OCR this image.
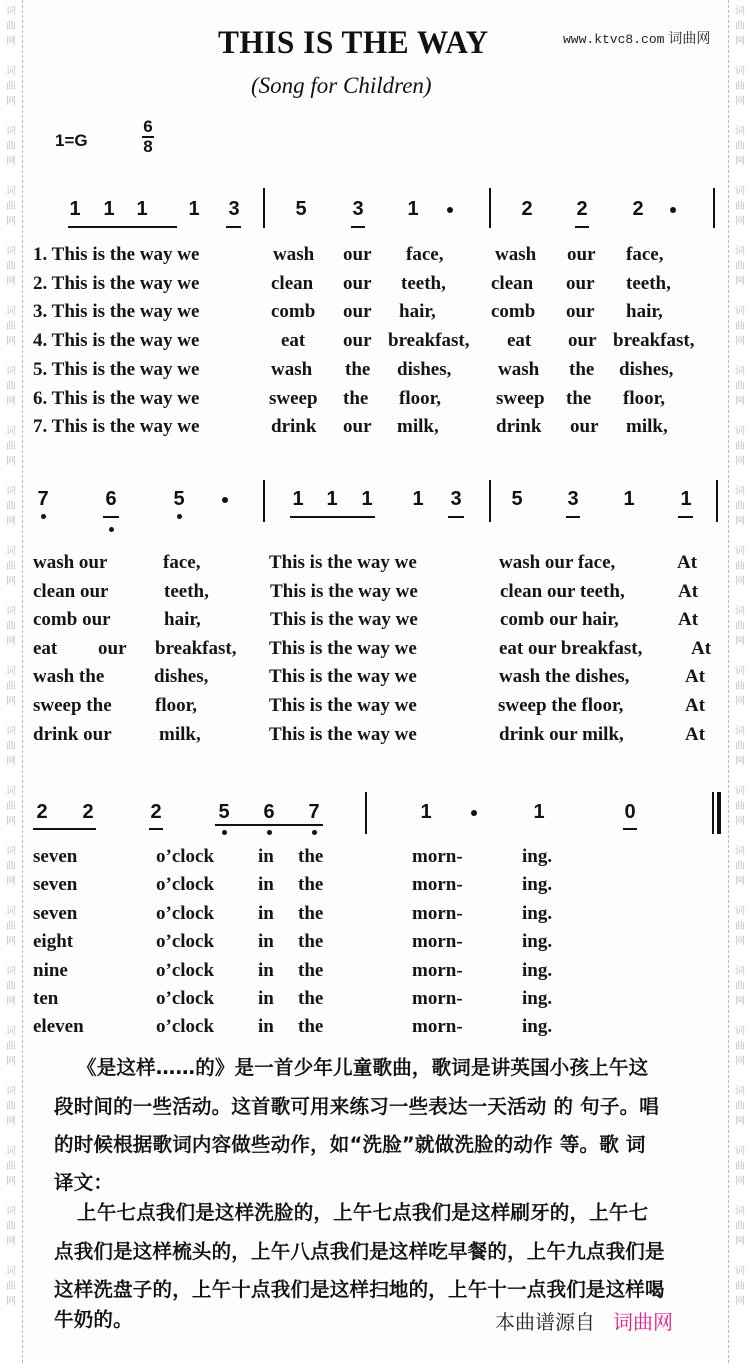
词
曲
网
词
曲
网
词
曲
网
词
曲
网
词
曲
网
词
曲
网
词
曲
网
词
曲
网
词
曲
网
词
曲
网
词
曲
网
词
曲
网
词
曲
网
词
曲
网
词
曲
网
词
曲
网
词
曲
网
词
曲
网
词
曲
网
词
曲
网
词
曲
网
词
曲
网
词
曲
网
词
曲
网
词
曲
网
词
曲
网
词
曲
网
词
曲
网
词
曲
网
词
曲
网
词
曲
网
词
曲
网
词
曲
网
词
曲
网
词
曲
网
词
曲
网
词
曲
网
词
曲
网
词
曲
网
词
曲
网
词
曲
网
词
曲
网
词
曲
网
词
曲
网
THIS IS THE WAY	www.ktvc8.com 词曲网
(Song for Children)
1=G
6
8
1 1 1 1 3	5 3 1	2 2 2
1. This is the way we	wash our face,	wash our face,
2. This is the way we	clean our teeth, clean our teeth,
3. This is the way we	comb our hair,	comb our hair,
4. This is the way we	eat our breakfast, eat our breakfast,
5. This is the way we	wash the dishes, wash the dishes,
6. This is the way we	sweep the floor,	sweep the floor,
7. This is the way we	drink our milk,	drink our milk,
7	6	5	1 1 1 1 3 5 3 1 1
wash our	face,	This is the way we	wash our face,	At
clean our	teeth,	This is the way we	clean our teeth,	At
comb our	hair,	This is the way we	comb our hair,	At
eat our breakfast, This is the way we	eat our breakfast,	At
wash the	dishes,	This is the way we	wash the dishes,	At
sweep the floor,	This is the way we	sweep the floor,	At
drink our milk,	This is the way we	drink our milk,	At
2 2	2	5 6 7	1	1	0
seven	o’clock in the	morn-	ing.
seven	o’clock in the	morn-	ing.
seven	o’clock in the	morn-	ing.
eight	o’clock in the	morn-	ing.
nine	o’clock in the	morn-	ing.
ten	o’clock in the	morn-	ing.
eleven	o’clock in the	morn-	ing.
《是这样……的》是一首少年儿童歌曲，歌词是讲英国小孩上午这
段时间的一些活动。这首歌可用来练习一些表达一天活动 的 句子。唱
的时候根据歌词内容做些动作，如“洗脸”就做洗脸的动作 等。歌 词
译文：
上午七点我们是这样洗脸的，上午七点我们是这样刷牙的，上午七
点我们是这样梳头的，上午八点我们是这样吃早餐的，上午九点我们是
这样洗盘子的，上午十点我们是这样扫地的，上午十一点我们是这样喝
牛奶的。	本曲谱源自 词曲网
